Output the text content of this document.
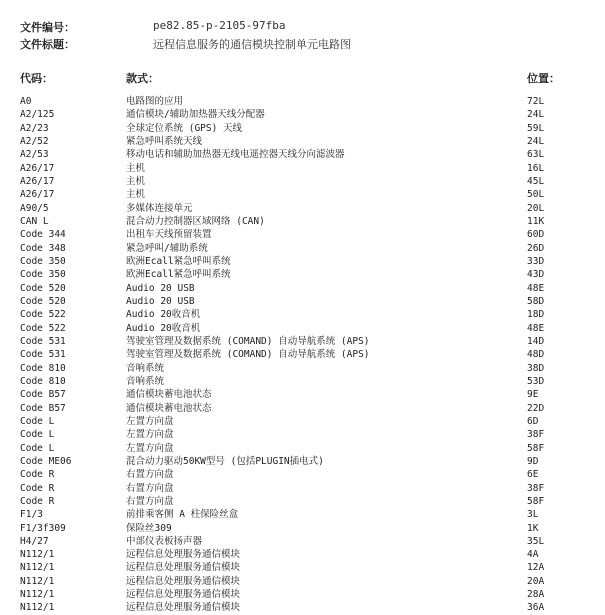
文件编号：	pe82.85-p-2105-97fba
文件标题：	远程信息服务的通信模块控制单元电路图
代码：	款式：	位置：
A0	电路图的应用	72L
A2/125	通信模块/辅助加热器天线分配器	24L
A2/23	全球定位系统 (GPS) 天线	59L
A2/52	紧急呼叫系统天线	24L
A2/53	移动电话和辅助加热器无线电遥控器天线分向滤波器	63L
A26/17	主机	16L
A26/17	主机	45L
A26/17	主机	50L
A90/5	多媒体连接单元	20L
CAN L	混合动力控制器区域网络 (CAN)	11K
Code 344	出租车天线预留装置	60D
Code 348	紧急呼叫/辅助系统	26D
Code 350	欧洲Ecall紧急呼叫系统	33D
Code 350	欧洲Ecall紧急呼叫系统	43D
Code 520	Audio 20 USB	48E
Code 520	Audio 20 USB	58D
Code 522	Audio 20收音机	18D
Code 522	Audio 20收音机	48E
Code 531	驾驶室管理及数据系统 (COMAND) 自动导航系统 (APS)	14D
Code 531	驾驶室管理及数据系统 (COMAND) 自动导航系统 (APS)	48D
Code 810	音响系统	38D
Code 810	音响系统	53D
Code B57	通信模块蓄电池状态	9E
Code B57	通信模块蓄电池状态	22D
Code L	左置方向盘	6D
Code L	左置方向盘	38F
Code L	左置方向盘	58F
Code ME06	混合动力驱动50KW型号 (包括PLUGIN插电式)	9D
Code R	右置方向盘	6E
Code R	右置方向盘	38F
Code R	右置方向盘	58F
F1/3	前排乘客侧 A 柱保险丝盒	3L
F1/3f309	保险丝309	1K
H4/27	中部仪表板扬声器	35L
N112/1	远程信息处理服务通信模块	4A
N112/1	远程信息处理服务通信模块	12A
N112/1	远程信息处理服务通信模块	20A
N112/1	远程信息处理服务通信模块	28A
N112/1	远程信息处理服务通信模块	36A
